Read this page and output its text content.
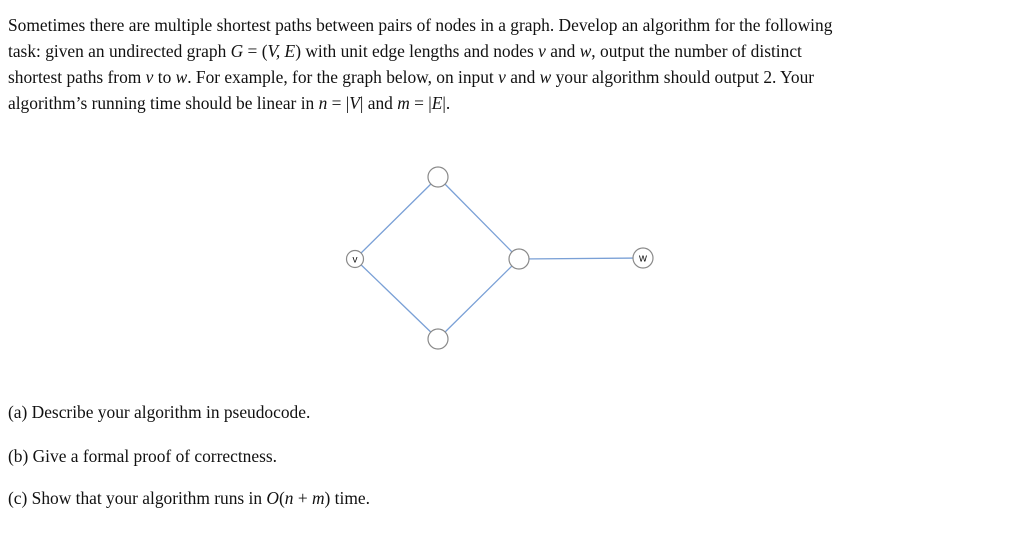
Sometimes there are multiple shortest paths between pairs of nodes in a graph. Develop an algorithm for the following
task: given an undirected graph G = (V, E) with unit edge lengths and nodes v and w, output the number of distinct
shortest paths from v to w. For example, for the graph below, on input v and w your algorithm should output 2. Your
algorithm’s running time should be linear in n = |V| and m = |E|.
v	w
(a) Describe your algorithm in pseudocode.
(b) Give a formal proof of correctness.
(c) Show that your algorithm runs in O(n + m) time.
